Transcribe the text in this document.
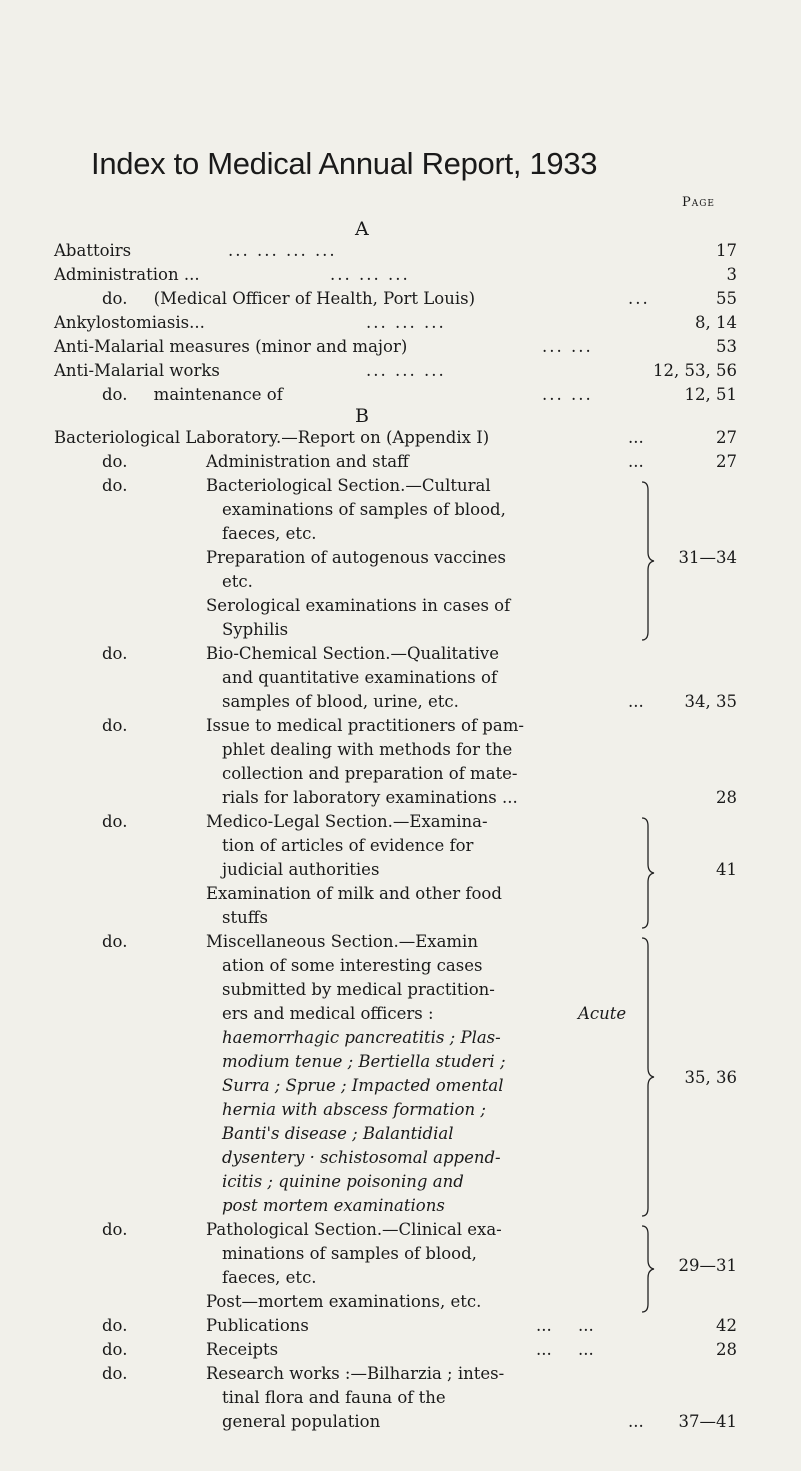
Index to Medical Annual Report, 1933
Page
A
Abattoirs	... ... ... ...	17
Administration ...	... ... ...	3
do.     (Medical Officer of Health, Port Louis)	...	55
Ankylostomiasis...	... ... ...	8, 14
Anti-Malarial measures (minor and major)	... ...	53
Anti-Malarial works	... ... ...	12, 53, 56
do.     maintenance of	... ...	12, 51
B
Bacteriological Laboratory.—Report on (Appendix I)	...	27
do.	Administration and staff	...	27
do.	Bacteriological Section.—Cultural
examinations of samples of blood,
faeces, etc.
Preparation of autogenous vaccines
etc.
Serological examinations in cases of
Syphilis
31—34
do.	Bio-Chemical Section.—Qualitative
and quantitative examinations of
samples of blood, urine, etc.	... 34, 35
do.	Issue to medical practitioners of pam-
phlet dealing with methods for the
collection and preparation of mate-
rials for laboratory examinations ...	28
do.	Medico-Legal Section.—Examina-
tion of articles of evidence for
judicial authorities
Examination of milk and other food
stuffs
41
do.	Miscellaneous Section.—Examin
ation of some interesting cases
submitted by medical practition-
ers and medical officers :	Acute
haemorrhagic pancreatitis ; Plas-
modium tenue ; Bertiella studeri ;
Surra ; Sprue ; Impacted omental
hernia with abscess formation ;
Banti's disease ; Balantidial
dysentery · schistosomal append-
icitis ; quinine poisoning and
post mortem examinations
35, 36
do.	Pathological Section.—Clinical exa-
minations of samples of blood,
faeces, etc.
Post—mortem examinations, etc.
29—31
do.	Publications	...     ...	42
do.	Receipts	...     ...	28
do.	Research works :—Bilharzia ; intes-
tinal flora and fauna of the
general population	... 37—41
